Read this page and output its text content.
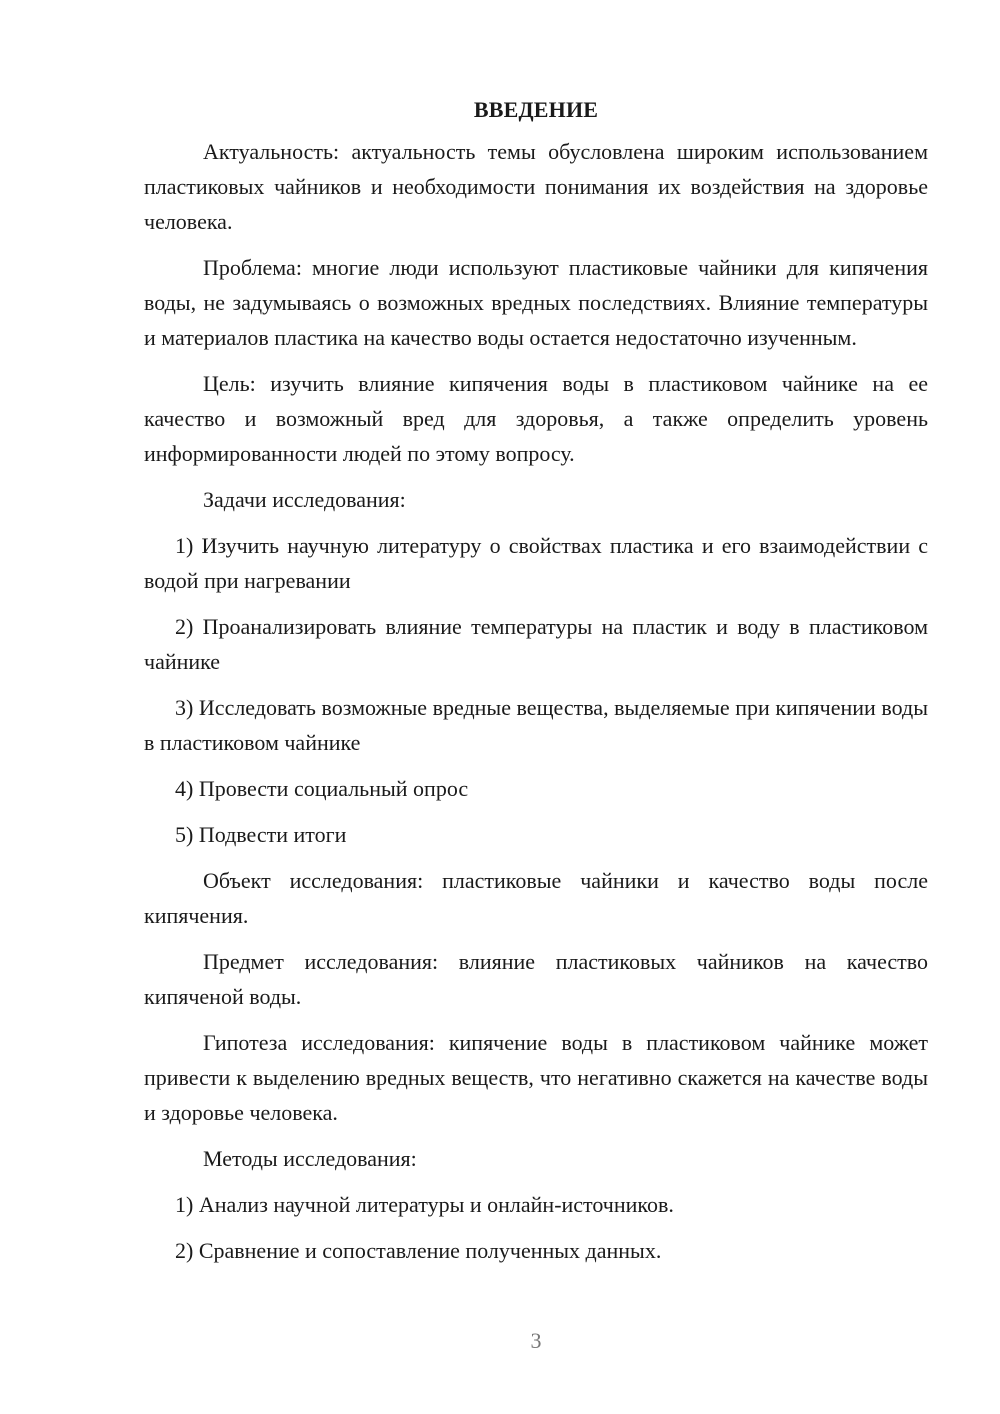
ВВЕДЕНИЕ

Актуальность: актуальность темы обусловлена широким использованием пластиковых чайников и необходимости понимания их воздействия на здоровье человека.

Проблема: многие люди используют пластиковые чайники для кипячения воды, не задумываясь о возможных вредных последствиях. Влияние температуры и материалов пластика на качество воды остается недостаточно изученным.

Цель: изучить влияние кипячения воды в пластиковом чайнике на ее качество и возможный вред для здоровья, а также определить уровень информированности людей по этому вопросу.

Задачи исследования:

1) Изучить научную литературу о свойствах пластика и его взаимодействии с водой при нагревании

2) Проанализировать влияние температуры на пластик и воду в пластиковом чайнике

3) Исследовать возможные вредные вещества, выделяемые при кипячении воды в пластиковом чайнике

4) Провести социальный опрос

5) Подвести итоги

Объект исследования: пластиковые чайники и качество воды после кипячения.

Предмет исследования: влияние пластиковых чайников на качество кипяченой воды.

Гипотеза исследования: кипячение воды в пластиковом чайнике может привести к выделению вредных веществ, что негативно скажется на качестве воды и здоровье человека.

Методы исследования:

1) Анализ научной литературы и онлайн-источников.

2) Сравнение и сопоставление полученных данных.

3
